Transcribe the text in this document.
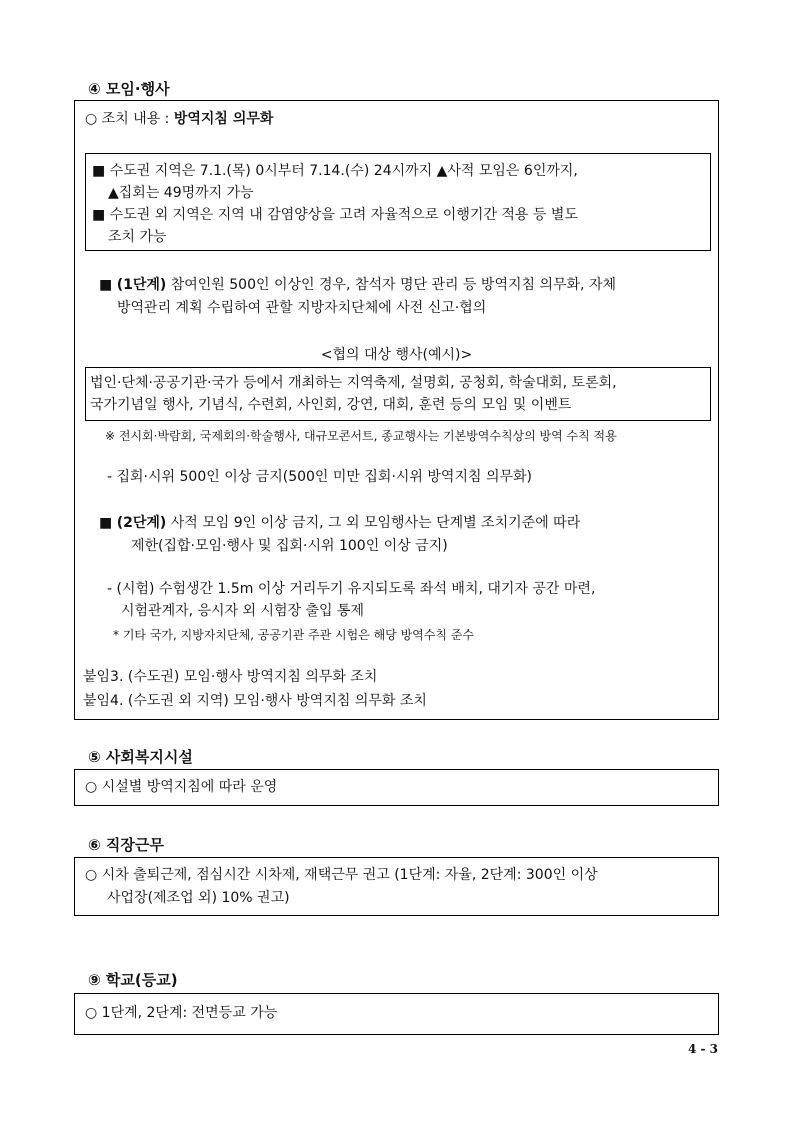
④ 모임·행사
○ 조치 내용 : 방역지침 의무화
■ 수도권 지역은 7.1.(목) 0시부터 7.14.(수) 24시까지 ▲사적 모임은 6인까지,
▲집회는 49명까지 가능
■ 수도권 외 지역은 지역 내 감염양상을 고려 자율적으로 이행기간 적용 등 별도
조치 가능
■ (1단계) 참여인원 500인 이상인 경우, 참석자 명단 관리 등 방역지침 의무화, 자체
방역관리 계획 수립하여 관할 지방자치단체에 사전 신고·협의
<협의 대상 행사(예시)>
법인·단체·공공기관·국가 등에서 개최하는 지역축제, 설명회, 공청회, 학술대회, 토론회,
국가기념일 행사, 기념식, 수련회, 사인회, 강연, 대회, 훈련 등의 모임 및 이벤트
※ 전시회·박람회, 국제회의·학술행사, 대규모콘서트, 종교행사는 기본방역수칙상의 방역 수칙 적용
- 집회·시위 500인 이상 금지(500인 미만 집회·시위 방역지침 의무화)
■ (2단계) 사적 모임 9인 이상 금지, 그 외 모임행사는 단계별 조치기준에 따라
제한(집합·모임·행사 및 집회·시위 100인 이상 금지)
- (시험) 수험생간 1.5m 이상 거리두기 유지되도록 좌석 배치, 대기자 공간 마련,
시험관계자, 응시자 외 시험장 출입 통제
* 기타 국가, 지방자치단체, 공공기관 주관 시험은 해당 방역수칙 준수
붙임3. (수도권) 모임·행사 방역지침 의무화 조치
붙임4. (수도권 외 지역) 모임·행사 방역지침 의무화 조치
⑤ 사회복지시설
○ 시설별 방역지침에 따라 운영
⑥ 직장근무
○ 시차 출퇴근제, 점심시간 시차제, 재택근무 권고 (1단계: 자율, 2단계: 300인 이상
사업장(제조업 외) 10% 권고)
⑨ 학교(등교)
○ 1단계, 2단계: 전면등교 가능
4 - 3
